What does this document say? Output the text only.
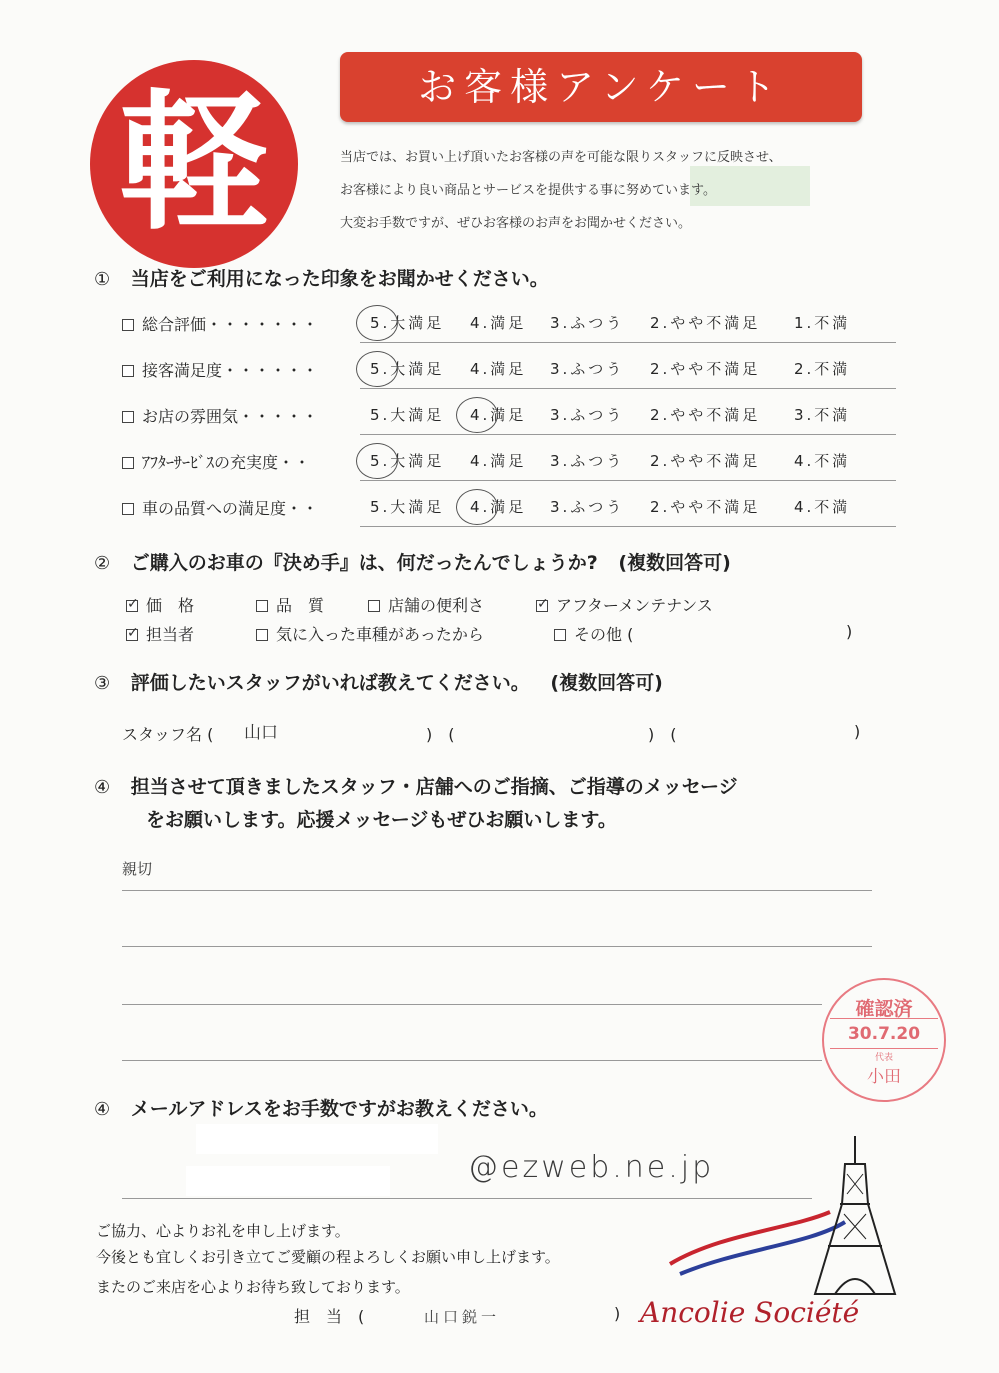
軽	お客様アンケート
当店では、お買い上げ頂いたお客様の声を可能な限りスタッフに反映させ、
お客様により良い商品とサービスを提供する事に努めています。
大変お手数ですが、ぜひお客様のお声をお聞かせください。
① 当店をご利用になった印象をお聞かせください。
総合評価・・・・・・・	5.大満足 4.満足 3.ふつう 2.やや不満足 1.不満
接客満足度・・・・・・	5.大満足 4.満足 3.ふつう 2.やや不満足 2.不満
お店の雰囲気・・・・・	5.大満足 4.満足 3.ふつう 2.やや不満足 3.不満
ｱﾌﾀｰｻｰﾋﾞｽの充実度・・	5.大満足 4.満足 3.ふつう 2.やや不満足 4.不満
車の品質への満足度・・	5.大満足 4.満足 3.ふつう 2.やや不満足 4.不満
② ご購入のお車の『決め手』は、何だったんでしょうか? (複数回答可)
✓価　格	品　質	店舗の便利さ
✓	アフターメンテナンス
✓担当者	気に入った車種があったから	その他 (	)
③ 評価したいスタッフがいれば教えてください。 (複数回答可)
スタッフ名 ( 山口	)　(	)　(	)
④ 担当させて頂きましたスタッフ・店舗へのご指摘、ご指導のメッセージ
をお願いします。応援メッセージもぜひお願いします。
親切
確認済
30.7.20
代表
小田
④ メールアドレスをお手数ですがお教えください。
@ezweb.ne.jp
ご協力、心よりお礼を申し上げます。
今後とも宜しくお引き立てご愛顧の程よろしくお願い申し上げます。
またのご来店を心よりお待ち致しております。
担　当　(	山口鋭一	) Ancolie Société
